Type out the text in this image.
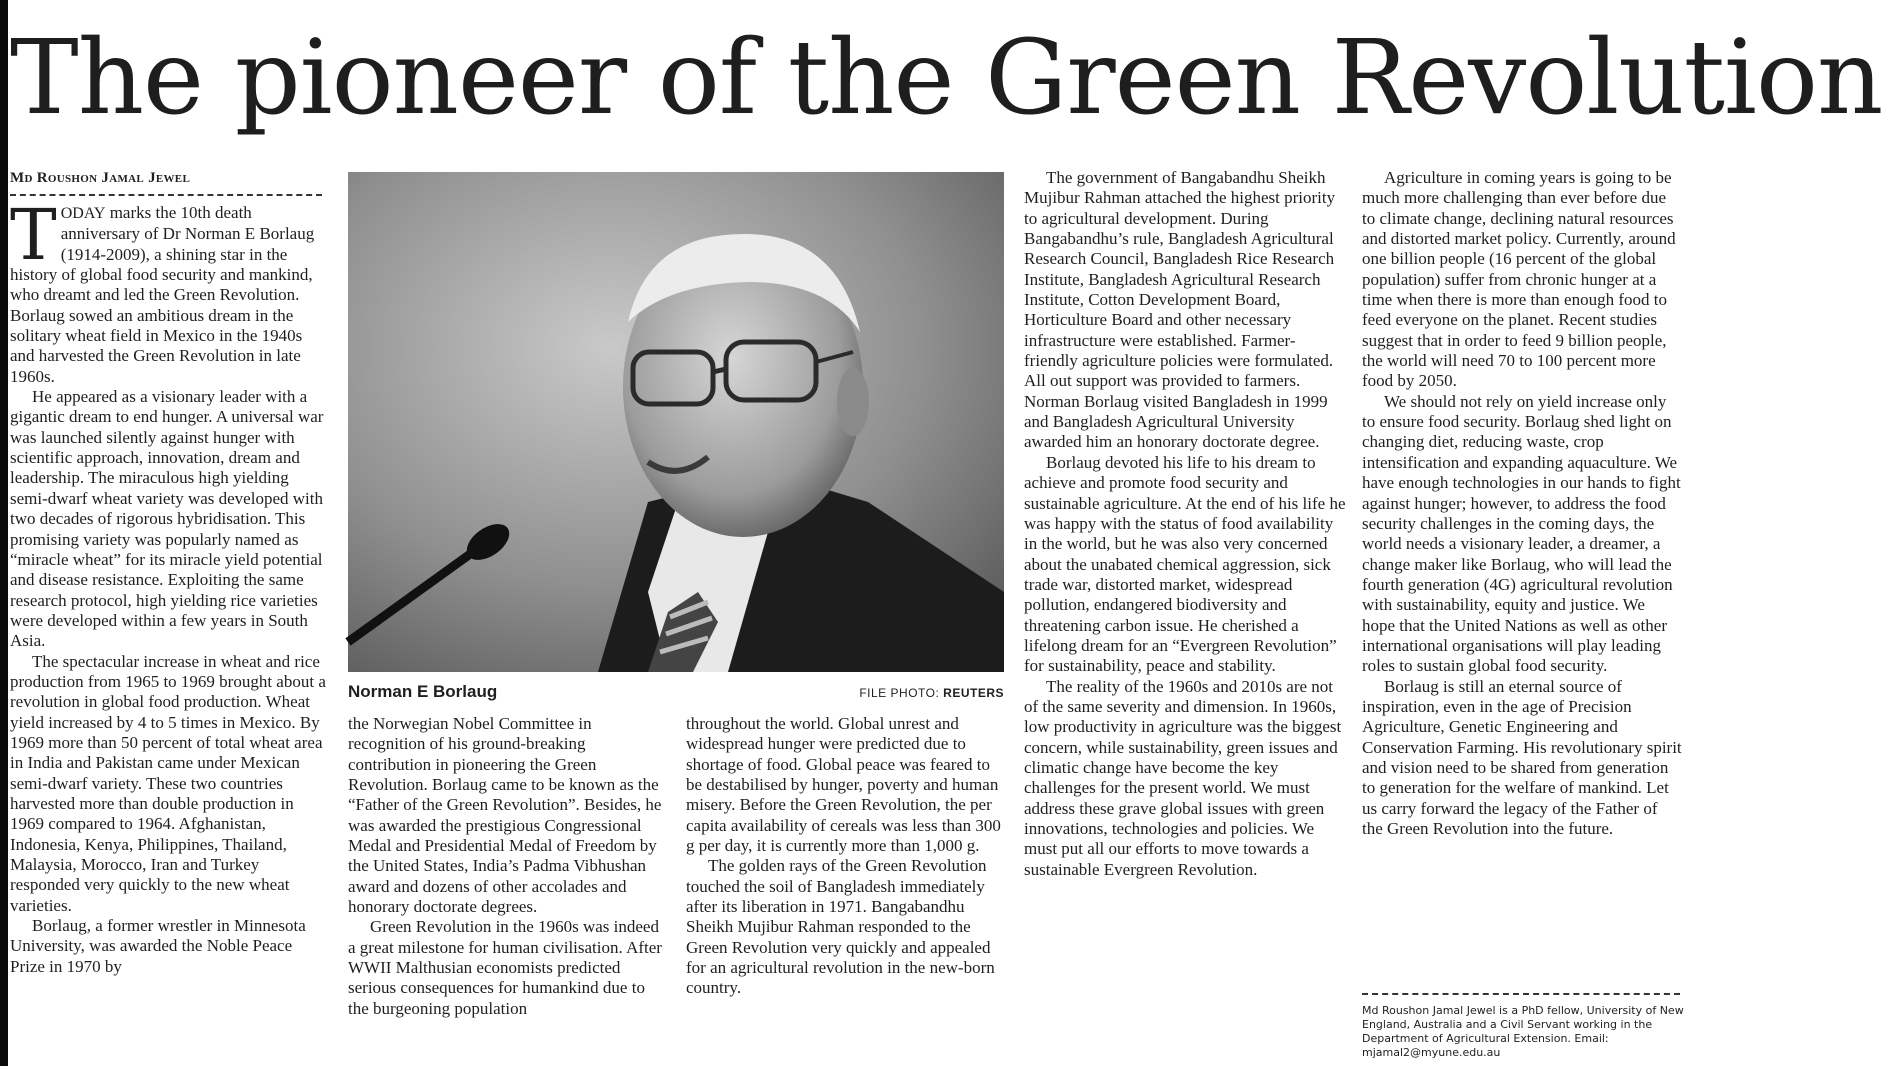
The pioneer of the Green Revolution
Md Roushon Jamal Jewel

TODAY marks the 10th death anniversary of Dr Norman E Borlaug (1914-2009), a shining star in the history of global food security and mankind, who dreamt and led the Green Revolution. Borlaug sowed an ambitious dream in the solitary wheat field in Mexico in the 1940s and harvested the Green Revolution in late 1960s.

He appeared as a visionary leader with a gigantic dream to end hunger. A universal war was launched silently against hunger with scientific approach, innovation, dream and leadership. The miraculous high yielding semi-dwarf wheat variety was developed with two decades of rigorous hybridisation. This promising variety was popularly named as “miracle wheat” for its miracle yield potential and disease resistance. Exploiting the same research protocol, high yielding rice varieties were developed within a few years in South Asia.

The spectacular increase in wheat and rice production from 1965 to 1969 brought about a revolution in global food production. Wheat yield increased by 4 to 5 times in Mexico. By 1969 more than 50 percent of total wheat area in India and Pakistan came under Mexican semi-dwarf variety. These two countries harvested more than double production in 1969 compared to 1964. Afghanistan, Indonesia, Kenya, Philippines, Thailand, Malaysia, Morocco, Iran and Turkey responded very quickly to the new wheat varieties.

Borlaug, a former wrestler in Minnesota University, was awarded the Noble Peace Prize in 1970 by

Norman E Borlaug	FILE PHOTO: REUTERS

the Norwegian Nobel Committee in recognition of his ground-breaking contribution in pioneering the Green Revolution. Borlaug came to be known as the “Father of the Green Revolution”. Besides, he was awarded the prestigious Congressional Medal and Presidential Medal of Freedom by the United States, India’s Padma Vibhushan award and dozens of other accolades and honorary doctorate degrees.

Green Revolution in the 1960s was indeed a great milestone for human civilisation. After WWII Malthusian economists predicted serious consequences for humankind due to the burgeoning population

throughout the world. Global unrest and widespread hunger were predicted due to shortage of food. Global peace was feared to be destabilised by hunger, poverty and human misery. Before the Green Revolution, the per capita availability of cereals was less than 300 g per day, it is currently more than 1,000 g.

The golden rays of the Green Revolution touched the soil of Bangladesh immediately after its liberation in 1971. Bangabandhu Sheikh Mujibur Rahman responded to the Green Revolution very quickly and appealed for an agricultural revolution in the new-born country.

The government of Bangabandhu Sheikh Mujibur Rahman attached the highest priority to agricultural development. During Bangabandhu’s rule, Bangladesh Agricultural Research Council, Bangladesh Rice Research Institute, Bangladesh Agricultural Research Institute, Cotton Development Board, Horticulture Board and other necessary infrastructure were established. Farmer-friendly agriculture policies were formulated. All out support was provided to farmers. Norman Borlaug visited Bangladesh in 1999 and Bangladesh Agricultural University awarded him an honorary doctorate degree.

Borlaug devoted his life to his dream to achieve and promote food security and sustainable agriculture. At the end of his life he was happy with the status of food availability in the world, but he was also very concerned about the unabated chemical aggression, sick trade war, distorted market, widespread pollution, endangered biodiversity and threatening carbon issue. He cherished a lifelong dream for an “Evergreen Revolution” for sustainability, peace and stability.

The reality of the 1960s and 2010s are not of the same severity and dimension. In 1960s, low productivity in agriculture was the biggest concern, while sustainability, green issues and climatic change have become the key challenges for the present world. We must address these grave global issues with green innovations, technologies and policies. We must put all our efforts to move towards a sustainable Evergreen Revolution.

Agriculture in coming years is going to be much more challenging than ever before due to climate change, declining natural resources and distorted market policy. Currently, around one billion people (16 percent of the global population) suffer from chronic hunger at a time when there is more than enough food to feed everyone on the planet. Recent studies suggest that in order to feed 9 billion people, the world will need 70 to 100 percent more food by 2050.

We should not rely on yield increase only to ensure food security. Borlaug shed light on changing diet, reducing waste, crop intensification and expanding aquaculture. We have enough technologies in our hands to fight against hunger; however, to address the food security challenges in the coming days, the world needs a visionary leader, a dreamer, a change maker like Borlaug, who will lead the fourth generation (4G) agricultural revolution with sustainability, equity and justice. We hope that the United Nations as well as other international organisations will play leading roles to sustain global food security.

Borlaug is still an eternal source of inspiration, even in the age of Precision Agriculture, Genetic Engineering and Conservation Farming. His revolutionary spirit and vision need to be shared from generation to generation for the welfare of mankind. Let us carry forward the legacy of the Father of the Green Revolution into the future.

Md Roushon Jamal Jewel is a PhD fellow, University of New England, Australia and a Civil Servant working in the Department of Agricultural Extension. Email: mjamal2@myune.edu.au
